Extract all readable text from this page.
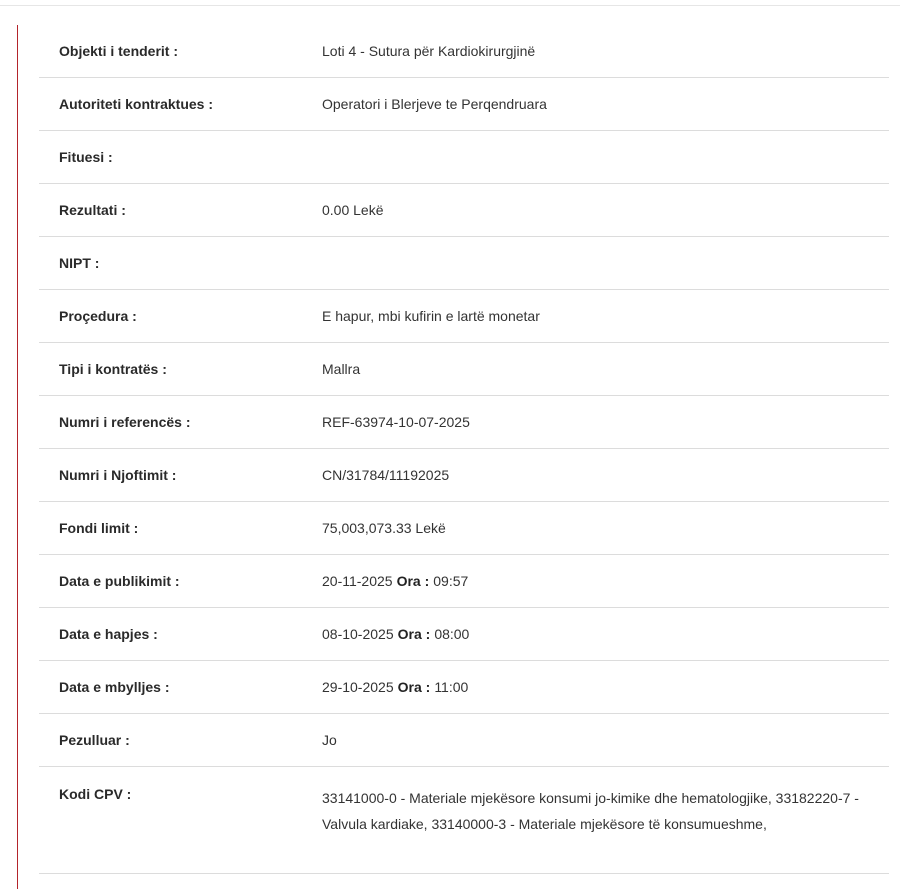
Objekti i tenderit :	Loti 4 - Sutura për Kardiokirurgjinë
Autoriteti kontraktues :	Operatori i Blerjeve te Perqendruara
Fituesi :
Rezultati :	0.00 Lekë
NIPT :
Proçedura :	E hapur, mbi kufirin e lartë monetar
Tipi i kontratës :	Mallra
Numri i referencës :	REF-63974-10-07-2025
Numri i Njoftimit :	CN/31784/11192025
Fondi limit :	75,003,073.33 Lekë
Data e publikimit :	20-11-2025 Ora : 09:57
Data e hapjes :	08-10-2025 Ora : 08:00
Data e mbylljes :	29-10-2025 Ora : 11:00
Pezulluar :	Jo
Kodi CPV :	33141000-0 - Materiale mjekësore konsumi jo-kimike dhe hematologjike, 33182220-7 - Valvula kardiake, 33140000-3 - Materiale mjekësore të konsumueshme,
